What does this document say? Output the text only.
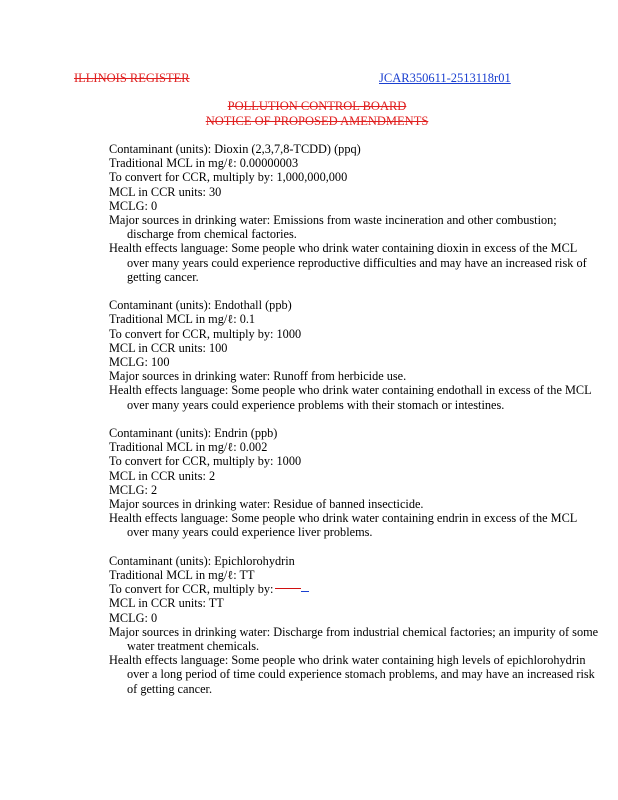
ILLINOIS REGISTER	JCAR350611-2513118r01
POLLUTION CONTROL BOARD
NOTICE OF PROPOSED AMENDMENTS
Contaminant (units): Dioxin (2,3,7,8-TCDD) (ppq)
Traditional MCL in mg/ℓ: 0.00000003
To convert for CCR, multiply by: 1,000,000,000
MCL in CCR units: 30
MCLG: 0
Major sources in drinking water: Emissions from waste incineration and other combustion; discharge from chemical factories.
Health effects language: Some people who drink water containing dioxin in excess of the MCL over many years could experience reproductive difficulties and may have an increased risk of getting cancer.
Contaminant (units): Endothall (ppb)
Traditional MCL in mg/ℓ: 0.1
To convert for CCR, multiply by: 1000
MCL in CCR units: 100
MCLG: 100
Major sources in drinking water: Runoff from herbicide use.
Health effects language: Some people who drink water containing endothall in excess of the MCL over many years could experience problems with their stomach or intestines.
Contaminant (units): Endrin (ppb)
Traditional MCL in mg/ℓ: 0.002
To convert for CCR, multiply by: 1000
MCL in CCR units: 2
MCLG: 2
Major sources in drinking water: Residue of banned insecticide.
Health effects language: Some people who drink water containing endrin in excess of the MCL over many years could experience liver problems.
Contaminant (units): Epichlorohydrin
Traditional MCL in mg/ℓ: TT
To convert for CCR, multiply by:
MCL in CCR units: TT
MCLG: 0
Major sources in drinking water: Discharge from industrial chemical factories; an impurity of some water treatment chemicals.
Health effects language: Some people who drink water containing high levels of epichlorohydrin over a long period of time could experience stomach problems, and may have an increased risk of getting cancer.
